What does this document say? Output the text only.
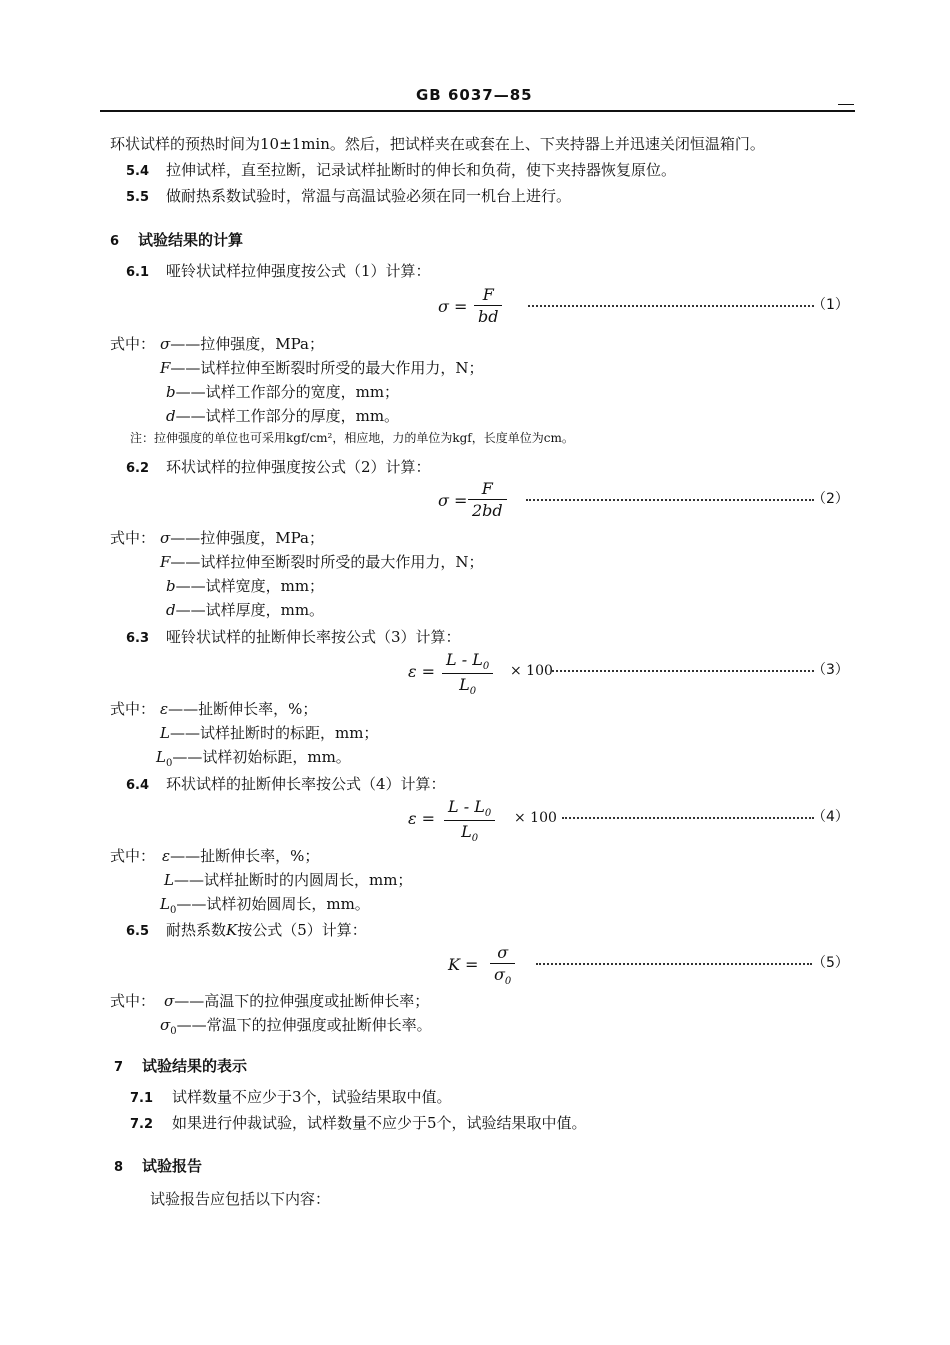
GB 6037—85
环状试样的预热时间为10±1min。然后，把试样夹在或套在上、下夹持器上并迅速关闭恒温箱门。
5.4 拉伸试样，直至拉断，记录试样扯断时的伸长和负荷，使下夹持器恢复原位。
5.5 做耐热系数试验时，常温与高温试验必须在同一机台上进行。
6 试验结果的计算
6.1 哑铃状试样拉伸强度按公式（1）计算：
$\sigma = \frac{F}{bd}$	（1）
式中： σ——拉伸强度，MPa；
F——试样拉伸至断裂时所受的最大作用力，N；
b——试样工作部分的宽度，mm；
d——试样工作部分的厚度，mm。
注：拉伸强度的单位也可采用kgf/cm²，相应地，力的单位为kgf，长度单位为cm。
6.2 环状试样的拉伸强度按公式（2）计算：
$\sigma = \frac{F}{2bd}$	（2）
式中： σ——拉伸强度，MPa；
F——试样拉伸至断裂时所受的最大作用力，N；
b——试样宽度，mm；
d——试样厚度，mm。
6.3 哑铃状试样的扯断伸长率按公式（3）计算：
$\varepsilon = \frac{L - L_0}{L_0} \times 100$	（3）
式中： ε——扯断伸长率，%；
L——试样扯断时的标距，mm；
$L_0——$试样初始标距，mm。
6.4 环状试样的扯断伸长率按公式（4）计算：
$\varepsilon = \frac{L - L_0}{L_0} \times 100$	（4）
式中： ε——扯断伸长率，%；
L——试样扯断时的内圆周长，mm；
$L_0——$试样初始圆周长，mm。
6.5 耐热系数K按公式（5）计算：
$K = \frac{\sigma}{\sigma_0}$	（5）
式中： σ——高温下的拉伸强度或扯断伸长率；
$\sigma_0——$常温下的拉伸强度或扯断伸长率。
7 试验结果的表示
7.1 试样数量不应少于3个，试验结果取中值。
7.2 如果进行仲裁试验，试样数量不应少于5个，试验结果取中值。
8 试验报告
试验报告应包括以下内容：
